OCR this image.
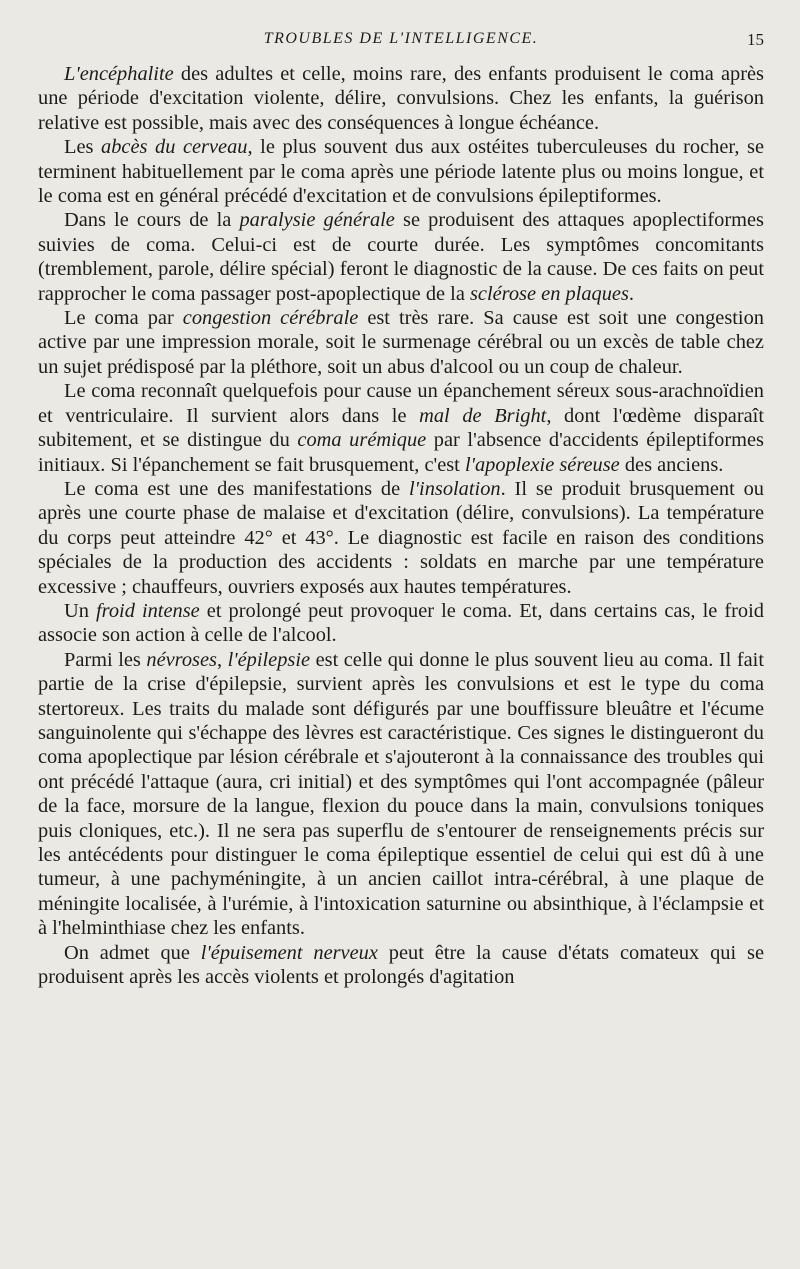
TROUBLES DE L'INTELLIGENCE.	15

L'encéphalite des adultes et celle, moins rare, des enfants produisent le coma après une période d'excitation violente, délire, convulsions. Chez les enfants, la guérison relative est possible, mais avec des conséquences à longue échéance.

Les abcès du cerveau, le plus souvent dus aux ostéites tuberculeuses du rocher, se terminent habituellement par le coma après une période latente plus ou moins longue, et le coma est en général précédé d'excitation et de convulsions épileptiformes.

Dans le cours de la paralysie générale se produisent des attaques apoplectiformes suivies de coma. Celui-ci est de courte durée. Les symptômes concomitants (tremblement, parole, délire spécial) feront le diagnostic de la cause. De ces faits on peut rapprocher le coma passager post-apoplectique de la sclérose en plaques.

Le coma par congestion cérébrale est très rare. Sa cause est soit une congestion active par une impression morale, soit le surmenage cérébral ou un excès de table chez un sujet prédisposé par la pléthore, soit un abus d'alcool ou un coup de chaleur.

Le coma reconnaît quelquefois pour cause un épanchement séreux sous-arachnoïdien et ventriculaire. Il survient alors dans le mal de Bright, dont l'œdème disparaît subitement, et se distingue du coma urémique par l'absence d'accidents épileptiformes initiaux. Si l'épanchement se fait brusquement, c'est l'apoplexie séreuse des anciens.

Le coma est une des manifestations de l'insolation. Il se produit brusquement ou après une courte phase de malaise et d'excitation (délire, convulsions). La température du corps peut atteindre 42° et 43°. Le diagnostic est facile en raison des conditions spéciales de la production des accidents : soldats en marche par une température excessive ; chauffeurs, ouvriers exposés aux hautes températures.

Un froid intense et prolongé peut provoquer le coma. Et, dans certains cas, le froid associe son action à celle de l'alcool.

Parmi les névroses, l'épilepsie est celle qui donne le plus souvent lieu au coma. Il fait partie de la crise d'épilepsie, survient après les convulsions et est le type du coma stertoreux. Les traits du malade sont défigurés par une bouffissure bleuâtre et l'écume sanguinolente qui s'échappe des lèvres est caractéristique. Ces signes le distingueront du coma apoplectique par lésion cérébrale et s'ajouteront à la connaissance des troubles qui ont précédé l'attaque (aura, cri initial) et des symptômes qui l'ont accompagnée (pâleur de la face, morsure de la langue, flexion du pouce dans la main, convulsions toniques puis cloniques, etc.). Il ne sera pas superflu de s'entourer de renseignements précis sur les antécédents pour distinguer le coma épileptique essentiel de celui qui est dû à une tumeur, à une pachyméningite, à un ancien caillot intra-cérébral, à une plaque de méningite localisée, à l'urémie, à l'intoxication saturnine ou absinthique, à l'éclampsie et à l'helminthiase chez les enfants.

On admet que l'épuisement nerveux peut être la cause d'états comateux qui se produisent après les accès violents et prolongés d'agitation
